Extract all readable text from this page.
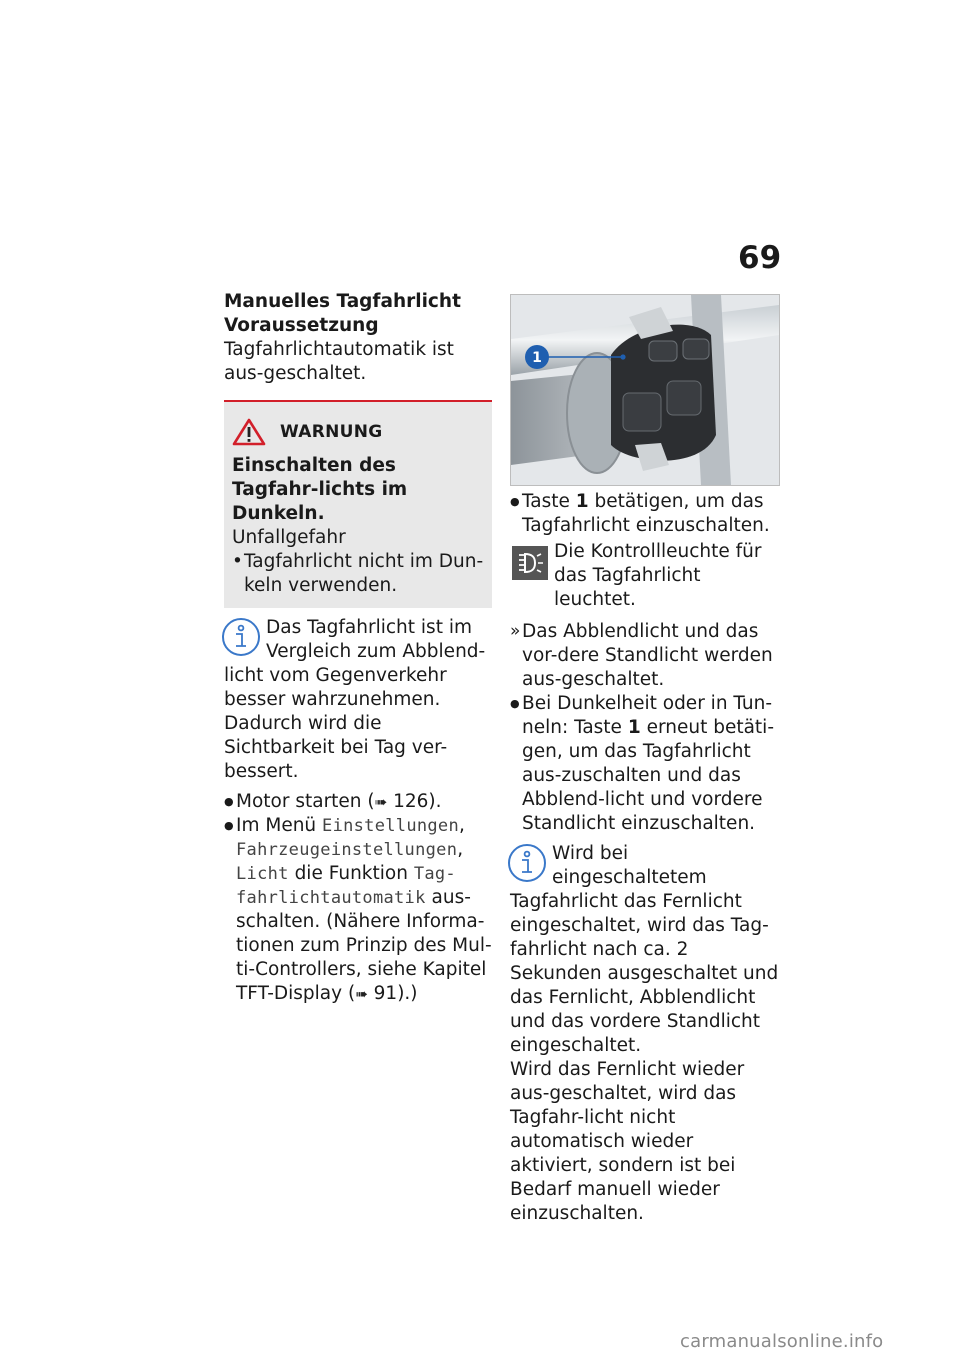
69

Manuelles Tagfahrlicht

Voraussetzung

Tagfahrlichtautomatik ist aus-geschaltet.

WARNUNG

Einschalten des Tagfahr-lichts im Dunkeln.

Unfallgefahr

• Tagfahrlicht nicht im Dun-keln verwenden.

Das Tagfahrlicht ist im Vergleich zum Abblend-licht vom Gegenverkehr besser wahrzunehmen. Dadurch wird die Sichtbarkeit bei Tag ver-bessert.

● Motor starten (➠ 126).
● Im Menü Einstellungen, Fahrzeugeinstellungen, Licht die Funktion Tag-fahrlichtautomatik aus-schalten. (Nähere Informa-tionen zum Prinzip des Mul-ti-Controllers, siehe Kapitel TFT-Display (➠ 91).)
1
● Taste 1 betätigen, um das Tagfahrlicht einzuschalten.

Die Kontrollleuchte für das Tagfahrlicht leuchtet.

» Das Abblendlicht und das vor-dere Standlicht werden aus-geschaltet.

● Bei Dunkelheit oder in Tun-neln: Taste 1 erneut betäti-gen, um das Tagfahrlicht aus-zuschalten und das Abblend-licht und vordere Standlicht einzuschalten.

Wird bei eingeschaltetem Tagfahrlicht das Fernlicht eingeschaltet, wird das Tag-fahrlicht nach ca. 2 Sekunden ausgeschaltet und das Fernlicht, Abblendlicht und das vordere Standlicht eingeschaltet.

Wird das Fernlicht wieder aus-geschaltet, wird das Tagfahr-licht nicht automatisch wieder aktiviert, sondern ist bei Bedarf manuell wieder einzuschalten.

carmanualsonline.info
